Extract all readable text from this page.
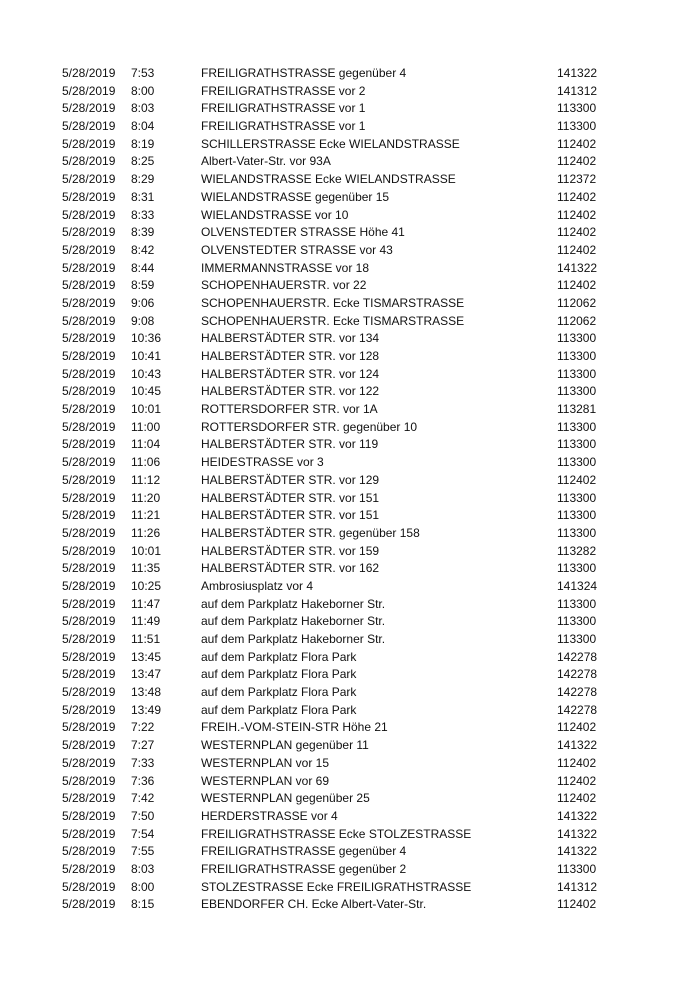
5/28/2019 7:53	FREILIGRATHSTRASSE gegenüber 4	141322
5/28/2019 8:00	FREILIGRATHSTRASSE vor 2	141312
5/28/2019 8:03	FREILIGRATHSTRASSE vor 1	113300
5/28/2019 8:04	FREILIGRATHSTRASSE vor 1	113300
5/28/2019 8:19	SCHILLERSTRASSE Ecke WIELANDSTRASSE	112402
5/28/2019 8:25	Albert-Vater-Str. vor 93A	112402
5/28/2019 8:29	WIELANDSTRASSE Ecke WIELANDSTRASSE	112372
5/28/2019 8:31	WIELANDSTRASSE gegenüber 15	112402
5/28/2019 8:33	WIELANDSTRASSE vor 10	112402
5/28/2019 8:39	OLVENSTEDTER STRASSE Höhe 41	112402
5/28/2019 8:42	OLVENSTEDTER STRASSE vor 43	112402
5/28/2019 8:44	IMMERMANNSTRASSE vor 18	141322
5/28/2019 8:59	SCHOPENHAUERSTR. vor 22	112402
5/28/2019 9:06	SCHOPENHAUERSTR. Ecke TISMARSTRASSE	112062
5/28/2019 9:08	SCHOPENHAUERSTR. Ecke TISMARSTRASSE	112062
5/28/2019 10:36	HALBERSTÄDTER STR. vor 134	113300
5/28/2019 10:41	HALBERSTÄDTER STR. vor 128	113300
5/28/2019 10:43	HALBERSTÄDTER STR. vor 124	113300
5/28/2019 10:45	HALBERSTÄDTER STR. vor 122	113300
5/28/2019 10:01	ROTTERSDORFER STR. vor 1A	113281
5/28/2019 11:00	ROTTERSDORFER STR. gegenüber 10	113300
5/28/2019 11:04	HALBERSTÄDTER STR. vor 119	113300
5/28/2019 11:06	HEIDESTRASSE vor 3	113300
5/28/2019 11:12	HALBERSTÄDTER STR. vor 129	112402
5/28/2019 11:20	HALBERSTÄDTER STR. vor 151	113300
5/28/2019 11:21	HALBERSTÄDTER STR. vor 151	113300
5/28/2019 11:26	HALBERSTÄDTER STR. gegenüber 158	113300
5/28/2019 10:01	HALBERSTÄDTER STR. vor 159	113282
5/28/2019 11:35	HALBERSTÄDTER STR. vor 162	113300
5/28/2019 10:25	Ambrosiusplatz vor 4	141324
5/28/2019 11:47	auf dem Parkplatz Hakeborner Str.	113300
5/28/2019 11:49	auf dem Parkplatz Hakeborner Str.	113300
5/28/2019 11:51	auf dem Parkplatz Hakeborner Str.	113300
5/28/2019 13:45	auf dem Parkplatz Flora Park	142278
5/28/2019 13:47	auf dem Parkplatz Flora Park	142278
5/28/2019 13:48	auf dem Parkplatz Flora Park	142278
5/28/2019 13:49	auf dem Parkplatz Flora Park	142278
5/28/2019 7:22	FREIH.-VOM-STEIN-STR Höhe 21	112402
5/28/2019 7:27	WESTERNPLAN gegenüber 11	141322
5/28/2019 7:33	WESTERNPLAN vor 15	112402
5/28/2019 7:36	WESTERNPLAN vor 69	112402
5/28/2019 7:42	WESTERNPLAN gegenüber 25	112402
5/28/2019 7:50	HERDERSTRASSE vor 4	141322
5/28/2019 7:54	FREILIGRATHSTRASSE Ecke STOLZESTRASSE	141322
5/28/2019 7:55	FREILIGRATHSTRASSE gegenüber 4	141322
5/28/2019 8:03	FREILIGRATHSTRASSE gegenüber 2	113300
5/28/2019 8:00	STOLZESTRASSE Ecke FREILIGRATHSTRASSE	141312
5/28/2019 8:15	EBENDORFER CH. Ecke Albert-Vater-Str.	112402
